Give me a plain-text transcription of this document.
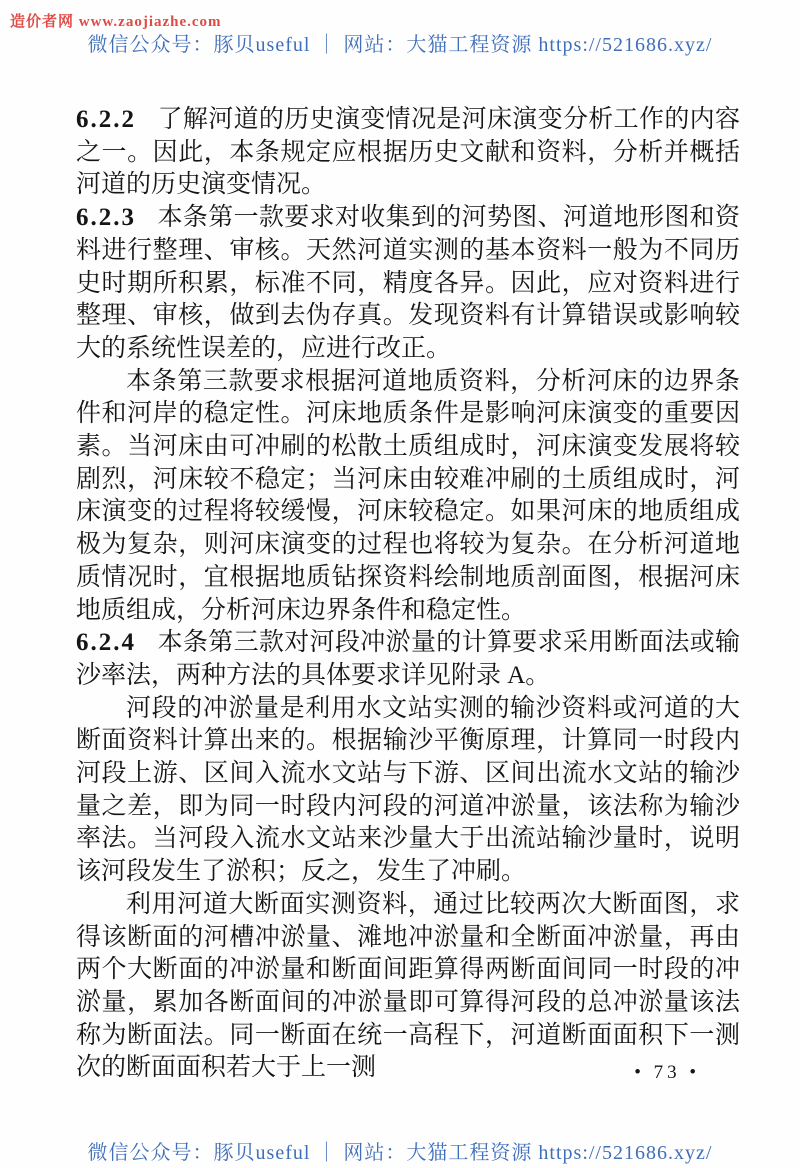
造价者网 www.zaojiazhe.com
微信公众号：豚贝useful ｜ 网站：大猫工程资源 https://521686.xyz/

6.2.2 了解河道的历史演变情况是河床演变分析工作的内容之一。因此，本条规定应根据历史文献和资料，分析并概括河道的历史演变情况。

6.2.3 本条第一款要求对收集到的河势图、河道地形图和资料进行整理、审核。天然河道实测的基本资料一般为不同历史时期所积累，标准不同，精度各异。因此，应对资料进行整理、审核，做到去伪存真。发现资料有计算错误或影响较大的系统性误差的，应进行改正。

本条第三款要求根据河道地质资料，分析河床的边界条件和河岸的稳定性。河床地质条件是影响河床演变的重要因素。当河床由可冲刷的松散土质组成时，河床演变发展将较剧烈，河床较不稳定；当河床由较难冲刷的土质组成时，河床演变的过程将较缓慢，河床较稳定。如果河床的地质组成极为复杂，则河床演变的过程也将较为复杂。在分析河道地质情况时，宜根据地质钻探资料绘制地质剖面图，根据河床地质组成，分析河床边界条件和稳定性。

6.2.4 本条第三款对河段冲淤量的计算要求采用断面法或输沙率法，两种方法的具体要求详见附录 A。

河段的冲淤量是利用水文站实测的输沙资料或河道的大断面资料计算出来的。根据输沙平衡原理，计算同一时段内河段上游、区间入流水文站与下游、区间出流水文站的输沙量之差，即为同一时段内河段的河道冲淤量，该法称为输沙率法。当河段入流水文站来沙量大于出流站输沙量时，说明该河段发生了淤积；反之，发生了冲刷。

利用河道大断面实测资料，通过比较两次大断面图，求得该断面的河槽冲淤量、滩地冲淤量和全断面冲淤量，再由两个大断面的冲淤量和断面间距算得两断面间同一时段的冲淤量，累加各断面间的冲淤量即可算得河段的总冲淤量该法称为断面法。同一断面在统一高程下，河道断面面积下一测次的断面面积若大于上一测	• 73 •
微信公众号：豚贝useful ｜ 网站：大猫工程资源 https://521686.xyz/
